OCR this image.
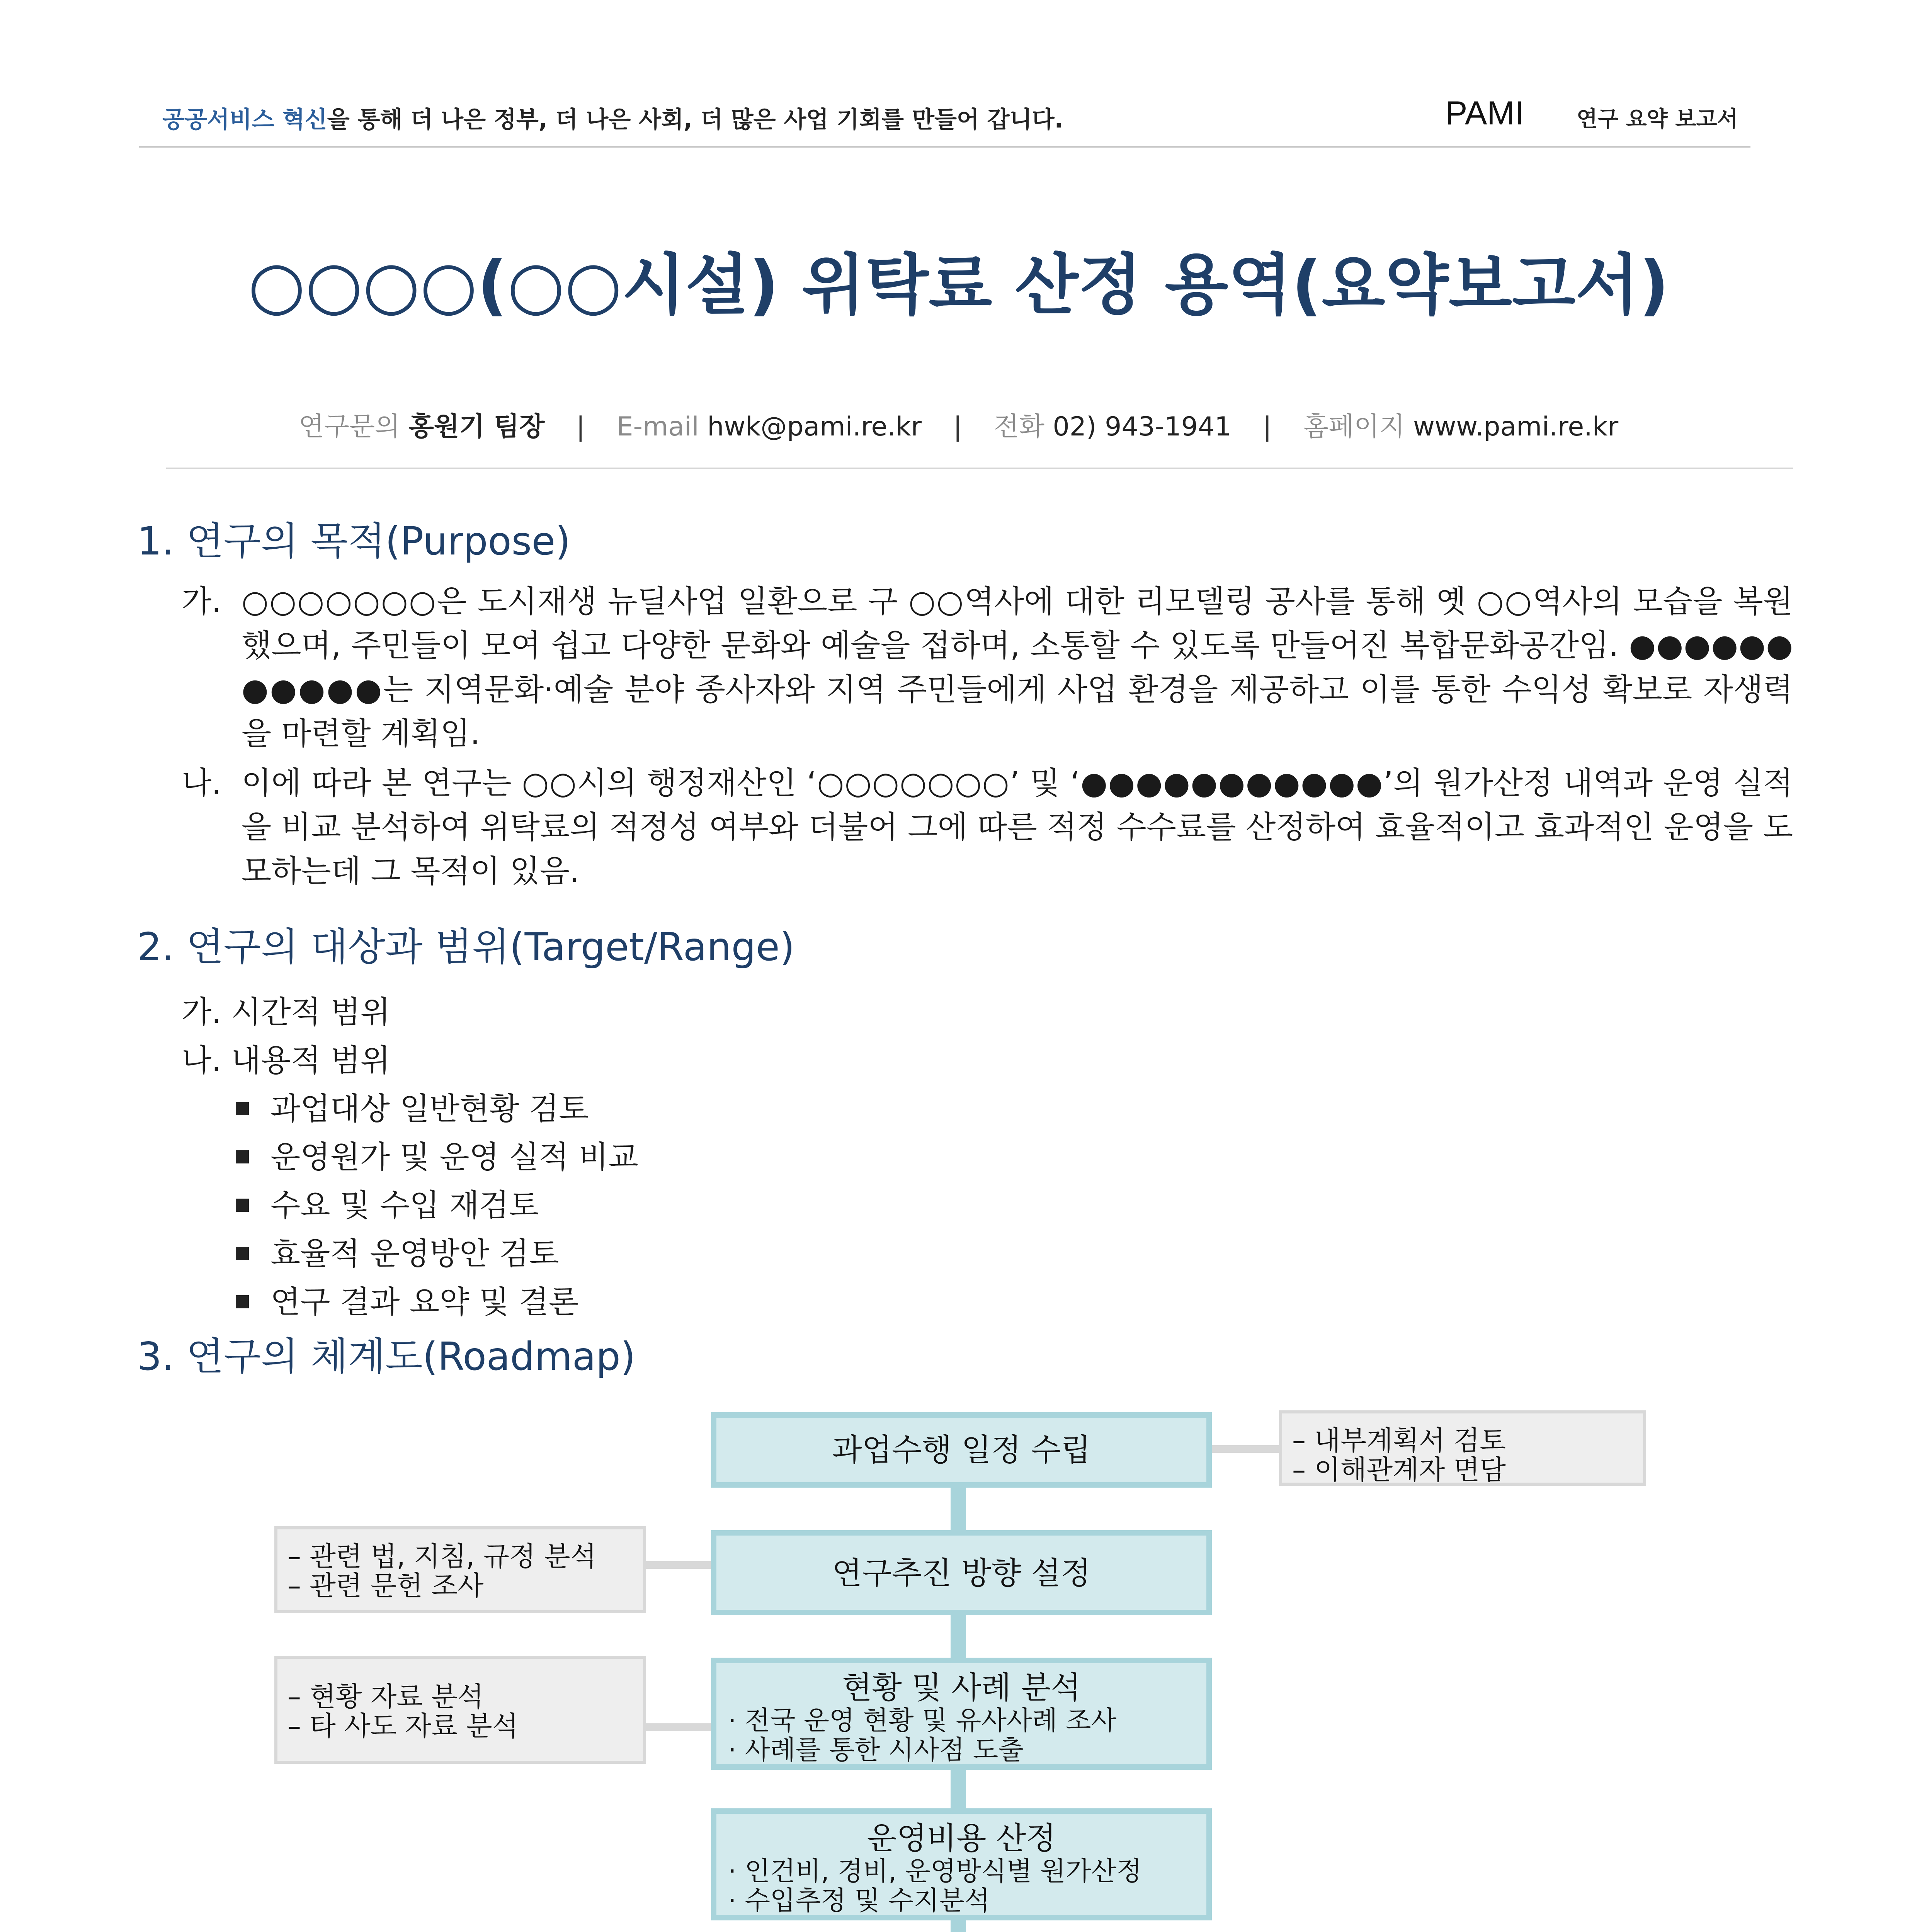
공공서비스 혁신을 통해 더 나은 정부, 더 나은 사회, 더 많은 사업 기회를 만들어 갑니다.	PAMI 연구 요약 보고서
○○○○(○○시설) 위탁료 산정 용역(요약보고서)
연구문의 홍원기 팀장 | E-mail hwk@pami.re.kr | 전화 02) 943-1941 | 홈페이지 www.pami.re.kr
1. 연구의 목적(Purpose)
가. ○○○○○○○은 도시재생 뉴딜사업 일환으로 구 ○○역사에 대한 리모델링 공사를 통해 옛 ○○역사의 모습을 복원했으며, 주민들이 모여 쉽고 다양한 문화와 예술을 접하며, 소통할 수 있도록 만들어진 복합문화공간임. ●●●●●● ●●●●●는 지역문화·예술 분야 종사자와 지역 주민들에게 사업 환경을 제공하고 이를 통한 수익성 확보로 자생력을 마련할 계획임.
나. 이에 따라 본 연구는 ○○시의 행정재산인 ‘○○○○○○○’ 및 ‘●●●●●●●●●●●’의 원가산정 내역과 운영 실적을 비교 분석하여 위탁료의 적정성 여부와 더불어 그에 따른 적정 수수료를 산정하여 효율적이고 효과적인 운영을 도모하는데 그 목적이 있음.
2. 연구의 대상과 범위(Target/Range)
가. 시간적 범위
나. 내용적 범위
과업대상 일반현황 검토
운영원가 및 운영 실적 비교
수요 및 수입 재검토
효율적 운영방안 검토
연구 결과 요약 및 결론
3. 연구의 체계도(Roadmap)
과업수행 일정 수립
연구추진 방향 설정
현황 및 사례 분석
· 전국 운영 현황 및 유사사례 조사
· 사례를 통한 시사점 도출
운영비용 산정
· 인건비, 경비, 운영방식별 원가산정
· 수입추정 및 수지분석
– 내부계획서 검토
– 이해관계자 면담
– 관련 법, 지침, 규정 분석
– 관련 문헌 조사
– 현황 자료 분석
– 타 사도 자료 분석
